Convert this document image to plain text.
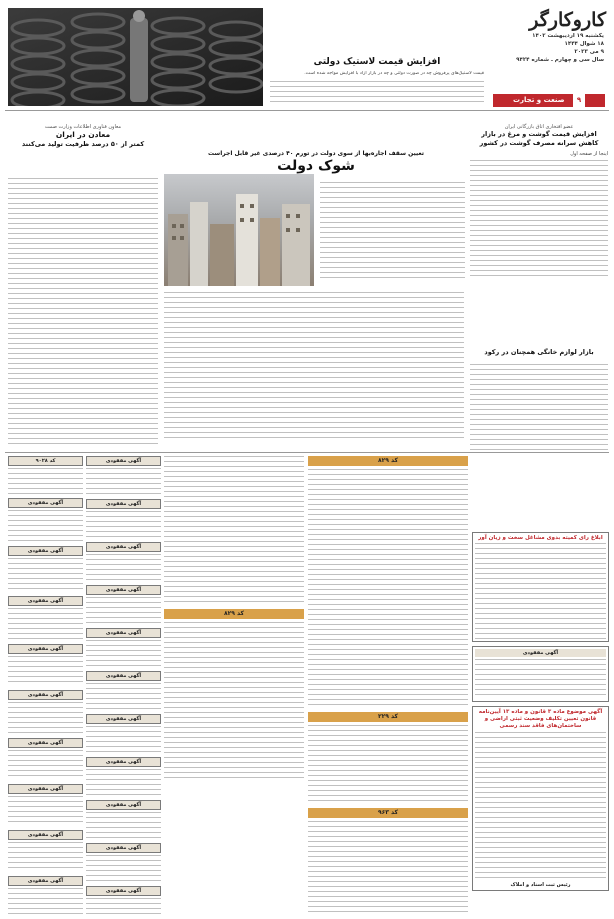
کاروکارگر
یکشنبه ۱۹ اردیبهشت ۱۴۰۲
۱۸ شوال ۱۴۴۴
۹ می ۲۰۲۳
سال سی و چهارم ـ شماره ۹۴۲۴
۹ صنعت و تجارت
افزایش قیمت لاستیک دولتی
قیمت لاستیک‌های پرفروش چه در صورت دولتی و چه در بازار آزاد با افزایش مواجه شده است.
عضو افتخاری اتاق بازرگانی ایران
افزایش قیمت گوشت و مرغ در بازار
کاهش سرانه مصرف گوشت در کشور
اینجا از صفحه اول
تعیین سقف اجاره‌بها از سوی دولت در تورم ۴۰ درصدی غیر قابل اجراست
شوک دولت
معاون فناوری اطلاعات وزارت صمت
معادن در ایران
کمتر از ۵۰ درصد ظرفیت تولید می‌کنند
بازار لوازم خانگی همچنان در رکود
کد ۹۰۲۸
آگهی مفقودی
آگهی مفقودی
آگهی مفقودی
آگهی مفقودی
آگهی مفقودی
آگهی مفقودی
آگهی مفقودی
آگهی مفقودی
آگهی مفقودی
آگهی مفقودی
آگهی مفقودی
آگهی مفقودی
آگهی مفقودی
آگهی مفقودی
آگهی مفقودی
آگهی مفقودی
آگهی مفقودی
آگهی مفقودی
آگهی مفقودی
آگهی مفقودی
کد ۸۲۹
کد ۸۲۹
کد ۲۲۹
کد ۹۶۳
ابلاغ رای کمیته بدوی مشاغل سخت و زیان آور
آگهی مفقودی
آگهی موضوع ماده ۳ قانون و ماده ۱۳ آیین‌نامه قانون تعیین تکلیف وضعیت ثبتی اراضی و ساختمان‌های فاقد سند رسمی
رئیس ثبت اسناد و املاک
